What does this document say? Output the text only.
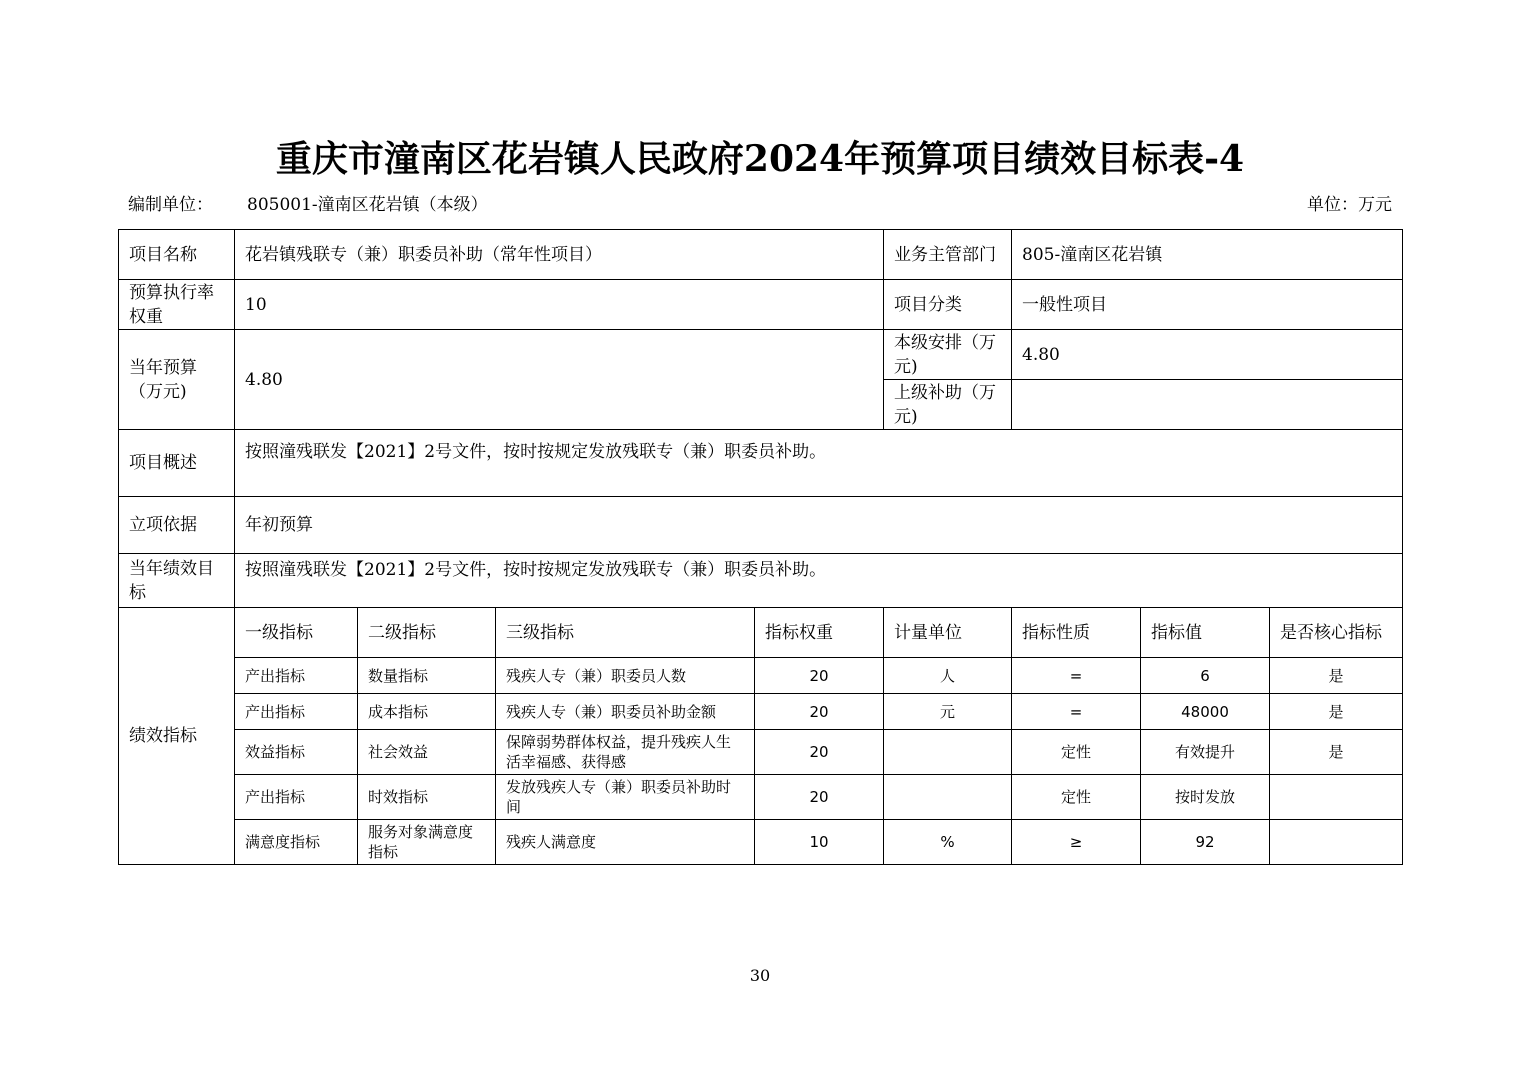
重庆市潼南区花岩镇人民政府2024年预算项目绩效目标表-4
编制单位： 805001-潼南区花岩镇（本级）	单位：万元
项目名称	花岩镇残联专（兼）职委员补助（常年性项目）				业务主管部门	805-潼南区花岩镇		
预算执行率权重	10				项目分类	一般性项目		
当年预算（万元)	4.80				本级安排（万元)	4.80		
					上级补助（万元)			
项目概述	按照潼残联发【2021】2号文件，按时按规定发放残联专（兼）职委员补助。							
立项依据	年初预算							
当年绩效目标	按照潼残联发【2021】2号文件，按时按规定发放残联专（兼）职委员补助。							
绩效指标	一级指标	二级指标	三级指标	指标权重	计量单位	指标性质	指标值	是否核心指标
	产出指标	数量指标	残疾人专（兼）职委员人数	20	人	=	6	是
	产出指标	成本指标	残疾人专（兼）职委员补助金额	20	元	=	48000	是
	效益指标	社会效益	保障弱势群体权益，提升残疾人生活幸福感、获得感	20		定性	有效提升	是
	产出指标	时效指标	发放残疾人专（兼）职委员补助时间	20		定性	按时发放	
	满意度指标	服务对象满意度指标	残疾人满意度	10	%	≥	92	
30
